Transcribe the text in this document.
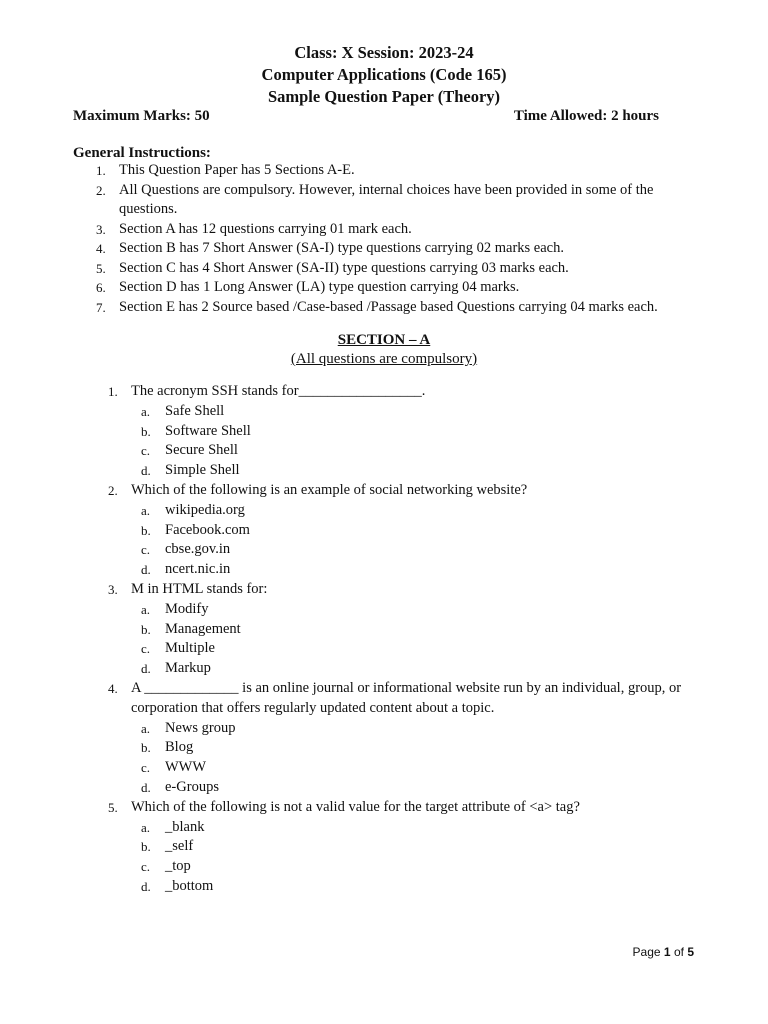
Class: X Session: 2023-24
Computer Applications (Code 165)
Sample Question Paper (Theory)
Maximum Marks: 50	Time Allowed: 2 hours
General Instructions:
1. This Question Paper has 5 Sections A-E.
2. All Questions are compulsory. However, internal choices have been provided in some of the questions.
3. Section A has 12 questions carrying 01 mark each.
4. Section B has 7 Short Answer (SA-I) type questions carrying 02 marks each.
5. Section C has 4 Short Answer (SA-II) type questions carrying 03 marks each.
6. Section D has 1 Long Answer (LA) type question carrying 04 marks.
7. Section E has 2 Source based /Case-based /Passage based Questions carrying 04 marks each.
SECTION – A
(All questions are compulsory)
1. The acronym SSH stands for_________________.
a. Safe Shell
b. Software Shell
c. Secure Shell
d. Simple Shell
2. Which of the following is an example of social networking website?
a. wikipedia.org
b. Facebook.com
c. cbse.gov.in
d. ncert.nic.in
3. M in HTML stands for:
a. Modify
b. Management
c. Multiple
d. Markup
4. A _____________ is an online journal or informational website run by an individual, group, or corporation that offers regularly updated content about a topic.
a. News group
b. Blog
c. WWW
d. e-Groups
5. Which of the following is not a valid value for the target attribute of <a> tag?
a. _blank
b. _self
c. _top
d. _bottom
Page 1 of 5
